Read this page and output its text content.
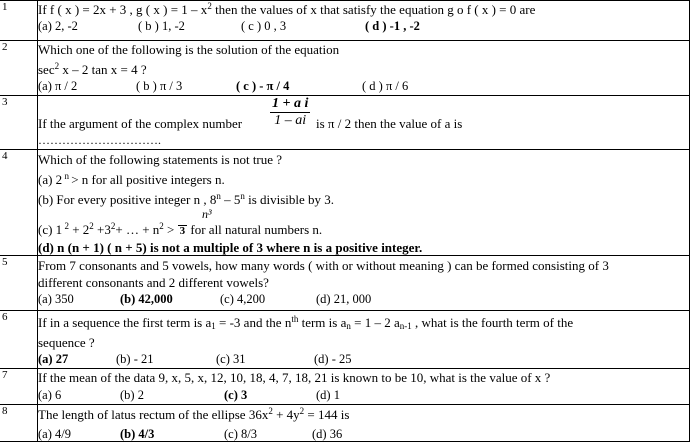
1 If f ( x ) = 2x + 3 , g ( x ) = $1 - x^2$ then the values of x that satisfy the equation g o f ( x ) = 0 are
(a) 2, -2	( b ) 1, -2	( c ) 0 , 3	( d ) -1 , -2
2 Which one of the following is the solution of the equation
$\sec^2 x - 2$ tan x = 4 ?
(a) π / 2	( b ) π / 3	( c ) - π / 4	( d ) π / 6
3	$\frac{\text{1 + a i}}{1 - ai}$
If the argument of the complex number	is π / 2 then the value of a is
………………………….
4 Which of the following statements is not true ?
(a) 2 $^n$ > n for all positive integers n.
(b) For every positive integer n , 8$^n$ – 5$^n$ is divisible by 3.
n³
(c) 1 $^2 + 2^2 +3^2+$ … + $n^2 > 3$ for all natural numbers n.
(d) n (n + 1) ( n + 5) is not a multiple of 3 where n is a positive integer.
5 From 7 consonants and 5 vowels, how many words ( with or without meaning ) can be formed consisting of 3
different consonants and 2 different vowels?
(a) 350	(b) 42,000	(c) 4,200	(d) 21, 000
6 If in a sequence the first term is $a_1 = -3$ and the $n^{th}$ term is $a_n = 1 - 2$ $a_{n-1}$ , what is the fourth term of the
sequence ?
(a) 27	(b) - 21	(c) 31	(d) - 25
7 If the mean of the data 9, x, 5, x, 12, 10, 18, 4, 7, 18, 21 is known to be 10, what is the value of x ?
(a) 6	(b) 2	(c) 3	(d) 1
8 The length of latus rectum of the ellipse $36x^2 + 4y^2 = 144$ is
(a) 4/9	(b) 4/3	(c) 8/3	(d) 36
